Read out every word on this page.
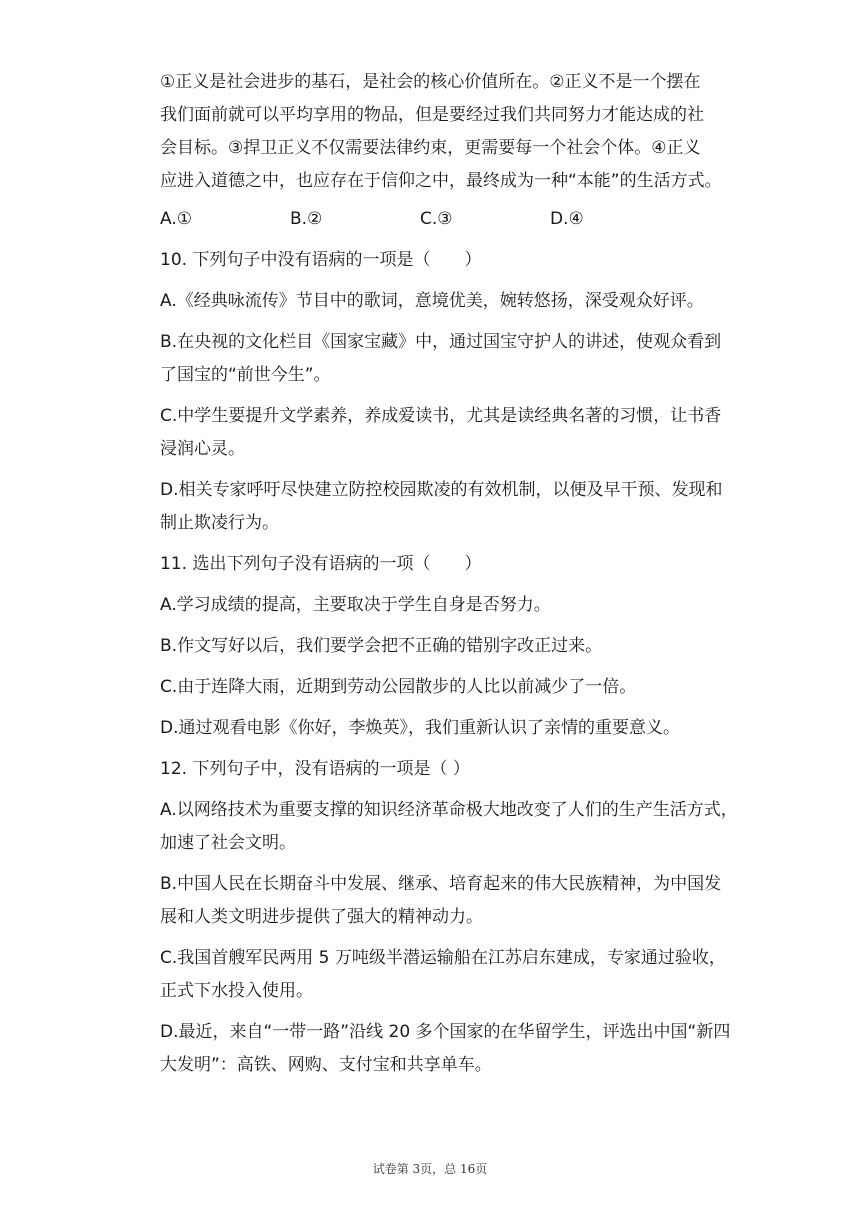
①正义是社会进步的基石，是社会的核心价值所在。②正义不是一个摆在
我们面前就可以平均享用的物品，但是要经过我们共同努力才能达成的社
会目标。③捍卫正义不仅需要法律约束，更需要每一个社会个体。④正义
应进入道德之中，也应存在于信仰之中，最终成为一种“本能”的生活方式。
A.①	B.②	C.③	D.④
10. 下列句子中没有语病的一项是（　　）
A.《经典咏流传》节目中的歌词，意境优美，婉转悠扬，深受观众好评。
B.在央视的文化栏目《国家宝藏》中，通过国宝守护人的讲述，使观众看到
了国宝的“前世今生”。
C.中学生要提升文学素养，养成爱读书，尤其是读经典名著的习惯，让书香
浸润心灵。
D.相关专家呼吁尽快建立防控校园欺凌的有效机制，以便及早干预、发现和
制止欺凌行为。
11. 选出下列句子没有语病的一项（　　）
A.学习成绩的提高，主要取决于学生自身是否努力。
B.作文写好以后，我们要学会把不正确的错别字改正过来。
C.由于连降大雨，近期到劳动公园散步的人比以前减少了一倍。
D.通过观看电影《你好，李焕英》，我们重新认识了亲情的重要意义。
12. 下列句子中，没有语病的一项是（ ）
A.以网络技术为重要支撑的知识经济革命极大地改变了人们的生产生活方式，
加速了社会文明。
B.中国人民在长期奋斗中发展、继承、培育起来的伟大民族精神，为中国发
展和人类文明进步提供了强大的精神动力。
C.我国首艘军民两用 5 万吨级半潜运输船在江苏启东建成，专家通过验收，
正式下水投入使用。
D.最近，来自“一带一路”沿线 20 多个国家的在华留学生，评选出中国“新四
大发明”：高铁、网购、支付宝和共享单车。
试卷第 3页，总 16页
